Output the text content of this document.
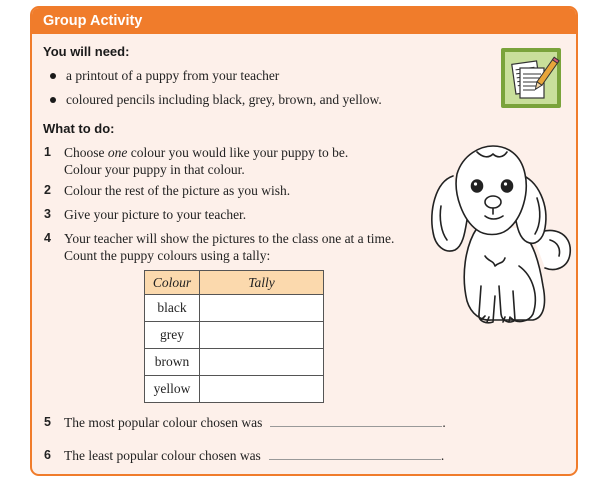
Group Activity
You will need:
a printout of a puppy from your teacher
coloured pencils including black, grey, brown, and yellow.
What to do:
1 Choose one colour you would like your puppy to be.
Colour your puppy in that colour.
2 Colour the rest of the picture as you wish.
3 Give your picture to your teacher.
4 Your teacher will show the pictures to the class one at a time.
Count the puppy colours using a tally:
Colour	Tally
black	
grey	
brown	
yellow	
5 The most popular colour chosen was	.
6 The least popular colour chosen was	.
